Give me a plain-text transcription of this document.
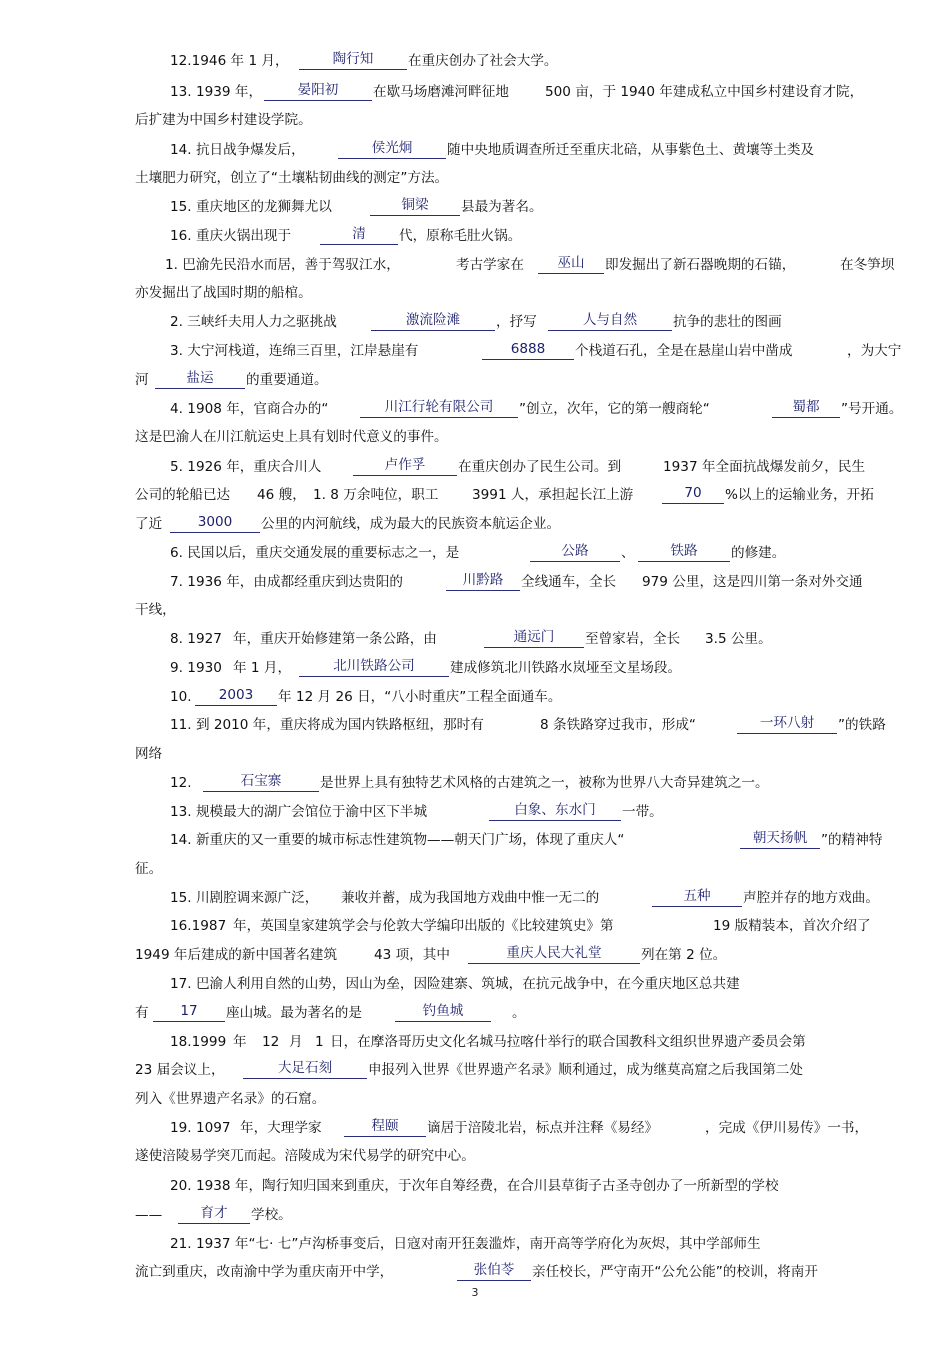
12.1946 年 1 月，	陶行知	在重庆创办了社会大学。
13. 1939 年，	晏阳初	在歇马场磨滩河畔征地	500 亩，于 1940 年建成私立中国乡村建设育才院，
后扩建为中国乡村建设学院。
14. 抗日战争爆发后，	侯光炯	随中央地质调查所迁至重庆北碚，从事紫色土、黄壤等土类及
土壤肥力研究，创立了“土壤粘韧曲线的测定”方法。
15. 重庆地区的龙狮舞尤以	铜梁	县最为著名。
16. 重庆火锅出现于	清	代，原称毛肚火锅。
1. 巴渝先民沿水而居，善于驾驭江水，	考古学家在	巫山	即发掘出了新石器晚期的石锚，	在冬笋坝
亦发掘出了战国时期的船棺。
2. 三峡纤夫用人力之驱挑战	激流险滩	，抒写	人与自然	抗争的悲壮的图画
3. 大宁河栈道，连绵三百里，江岸悬崖有	6888	个栈道石孔，全是在悬崖山岩中凿成	，为大宁
河	盐运	的重要通道。
4. 1908 年，官商合办的“	川江行轮有限公司	”创立，次年，它的第一艘商轮“	蜀都	”号开通。
这是巴渝人在川江航运史上具有划时代意义的事件。
5. 1926 年，重庆合川人	卢作孚	在重庆创办了民生公司。到	1937 年全面抗战爆发前夕，民生
公司的轮船已达 46 艘， 1. 8 万余吨位，职工 3991 人，承担起长江上游	70	%以上的运输业务，开拓
了近	3000	公里的内河航线，成为最大的民族资本航运企业。
6. 民国以后，重庆交通发展的重要标志之一，是	公路	、	铁路	的修建。
7. 1936 年，由成都经重庆到达贵阳的	川黔路	全线通车，全长 979 公里，这是四川第一条对外交通
干线，
8. 1927 年，重庆开始修建第一条公路，由	通远门	至曾家岩，全长 3.5 公里。
9. 1930 年 1 月，	北川铁路公司	建成修筑北川铁路水岚垭至文星场段。
10.	2003	年 12 月 26 日，“八小时重庆”工程全面通车。
11. 到 2010 年，重庆将成为国内铁路枢纽，那时有	8 条铁路穿过我市，形成“	一环八射	”的铁路
网络
12.	石宝寨	是世界上具有独特艺术风格的古建筑之一，被称为世界八大奇异建筑之一。
13. 规模最大的湖广会馆位于渝中区下半城	白象、东水门	一带。
14. 新重庆的又一重要的城市标志性建筑物——朝天门广场，体现了重庆人“	朝天扬帆	”的精神特
征。
15. 川剧腔调来源广泛， 兼收并蓄，成为我国地方戏曲中惟一无二的	五种	声腔并存的地方戏曲。
16.1987 年，英国皇家建筑学会与伦敦大学编印出版的《比较建筑史》第	19 版精装本，首次介绍了
1949 年后建成的新中国著名建筑	43 项，其中	重庆人民大礼堂	列在第 2 位。
17. 巴渝人利用自然的山势，因山为垒，因险建寨、筑城，在抗元战争中，在今重庆地区总共建
有	17	座山城。最为著名的是	钓鱼城	。
18.1999 年 12 月 1 日，在摩洛哥历史文化名城马拉喀什举行的联合国教科文组织世界遗产委员会第
23 届会议上，	大足石刻	申报列入世界《世界遗产名录》顺利通过，成为继莫高窟之后我国第二处
列入《世界遗产名录》的石窟。
19. 1097 年，大理学家	程颐	谪居于涪陵北岩，标点并注释《易经》	，完成《伊川易传》一书，
遂使涪陵易学突兀而起。涪陵成为宋代易学的研究中心。
20. 1938 年，陶行知归国来到重庆，于次年自筹经费，在合川县草街子古圣寺创办了一所新型的学校
——	育才	学校。
21. 1937 年“七· 七”卢沟桥事变后，日寇对南开狂轰滥炸，南开高等学府化为灰烬，其中学部师生
流亡到重庆，改南渝中学为重庆南开中学，	张伯苓	亲任校长，严守南开“公允公能”的校训，将南开
3
